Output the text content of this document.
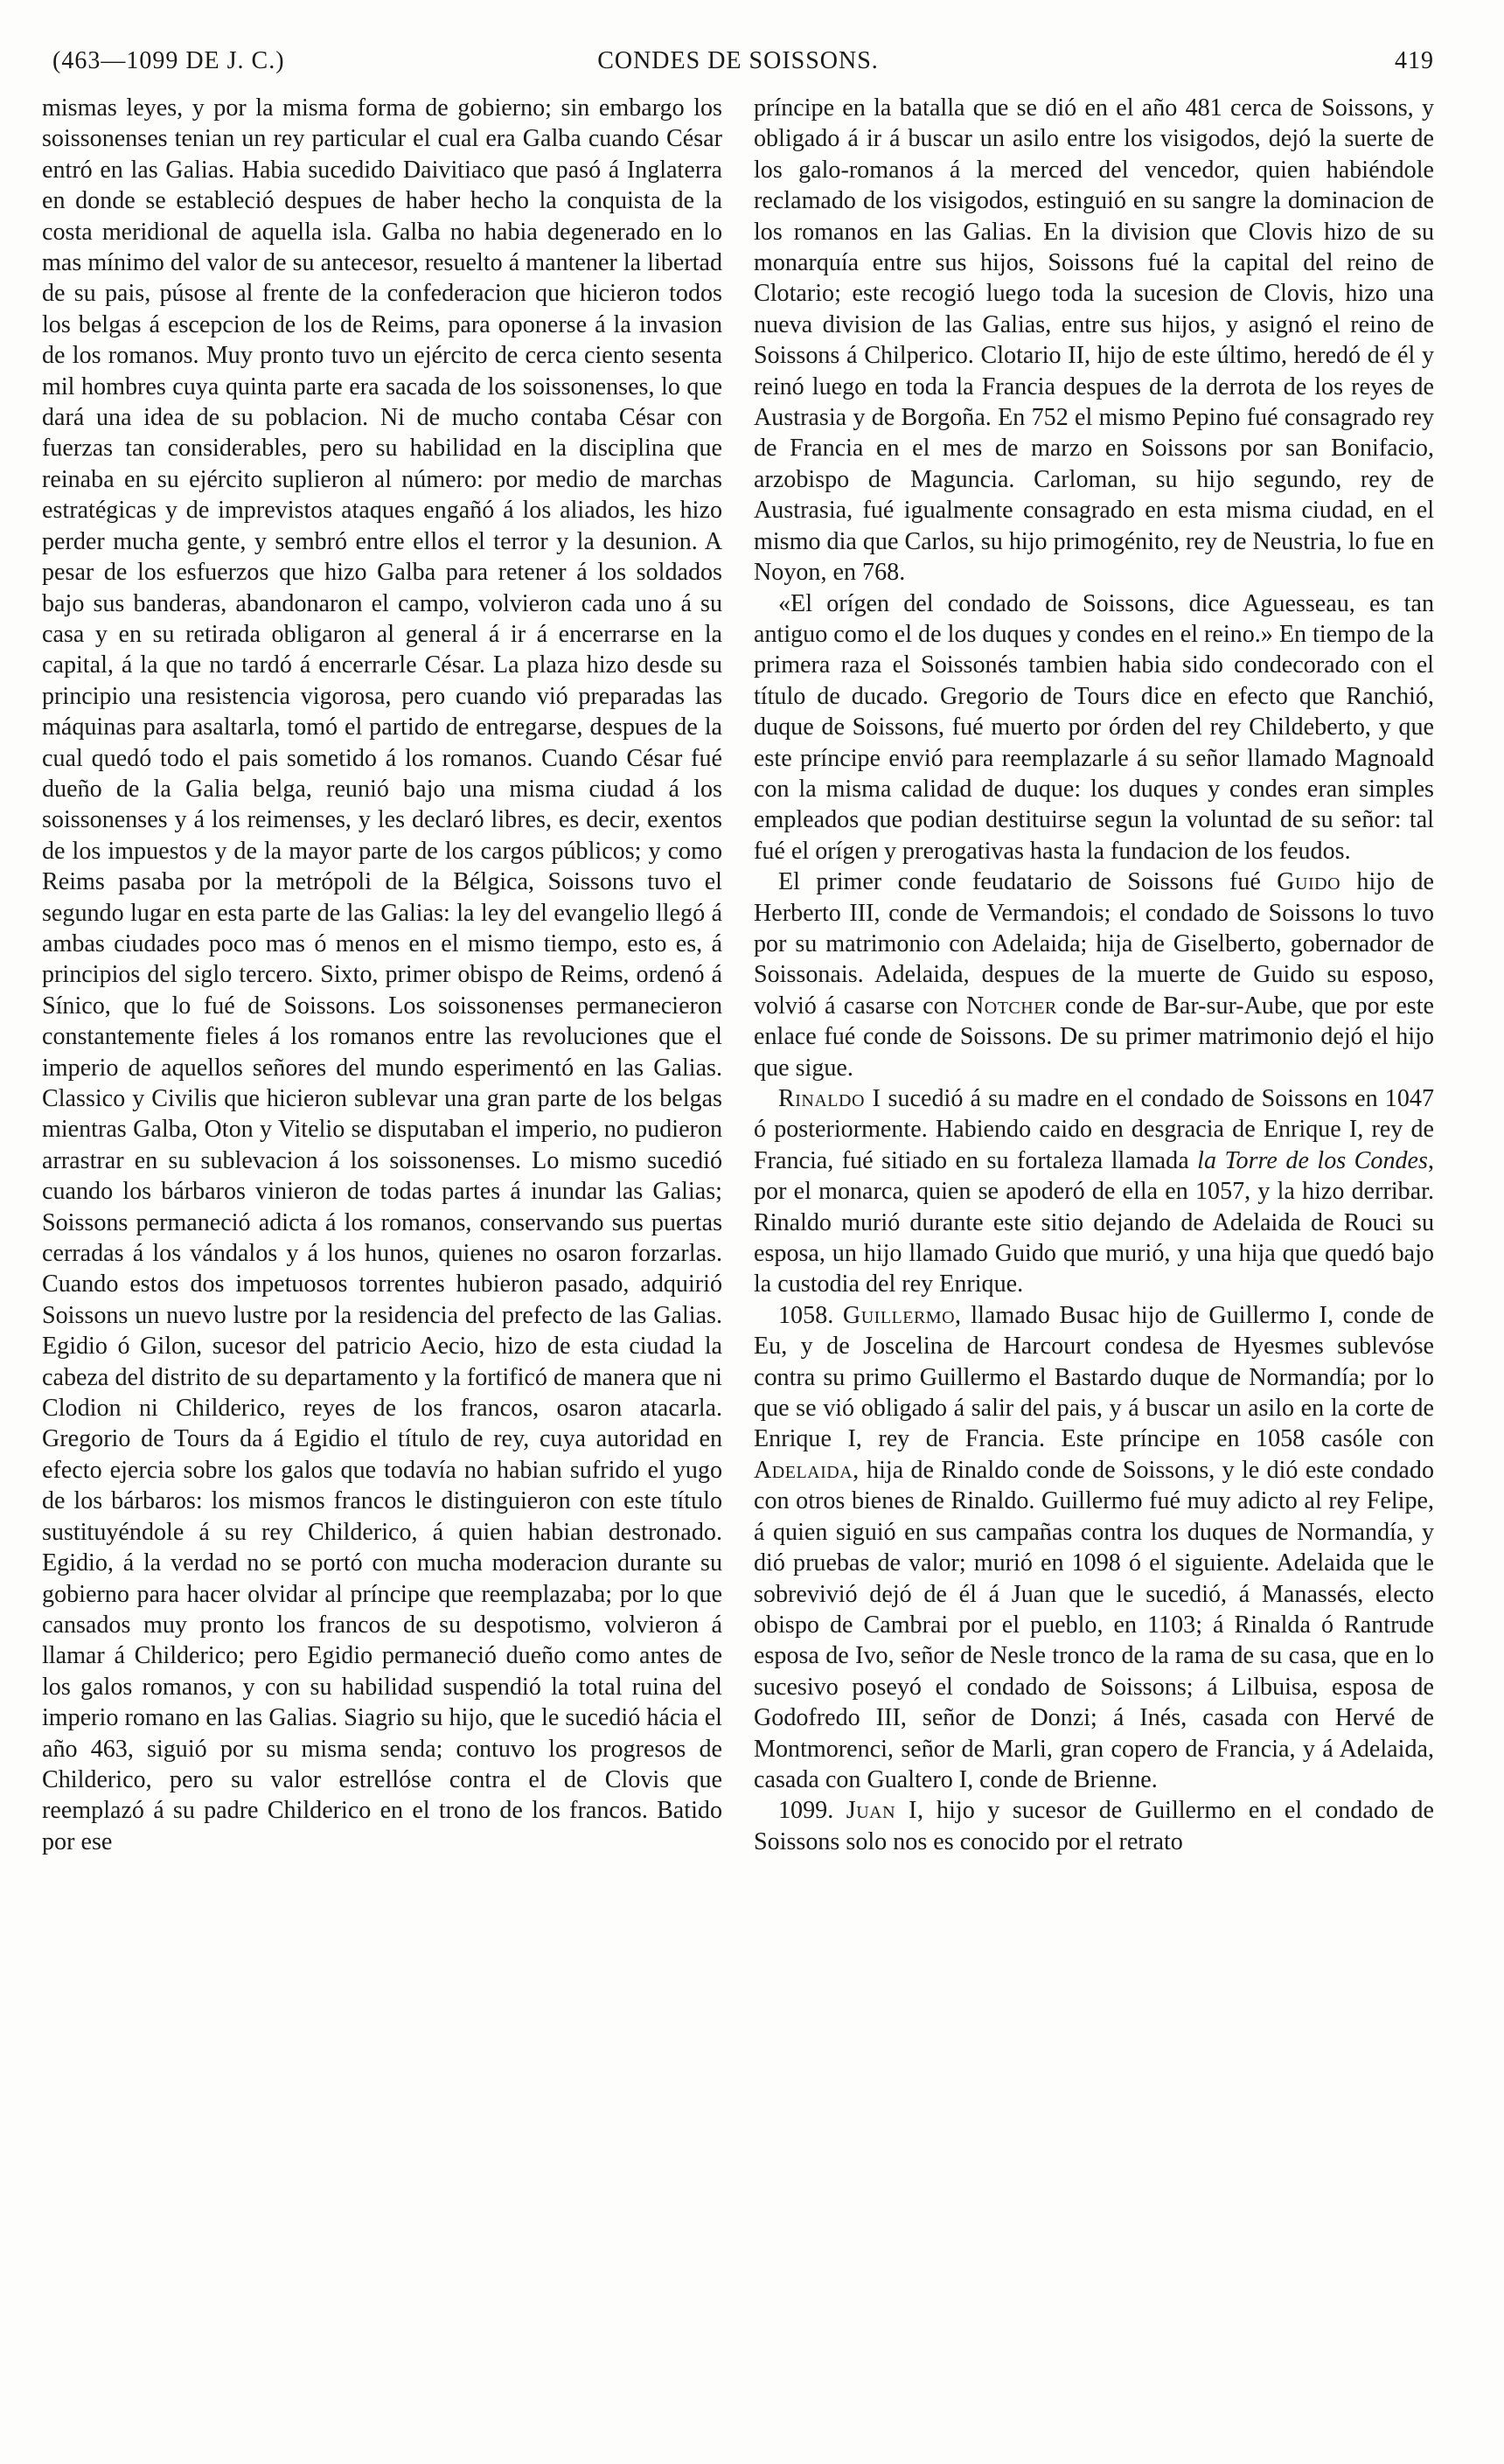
(463—1099 DE J. C.)	CONDES DE SOISSONS.	419

mismas leyes, y por la misma forma de gobierno; sin embargo los soissonenses tenian un rey particular el cual era Galba cuando César entró en las Galias. Habia sucedido Daivitiaco que pasó á Inglaterra en donde se estableció despues de haber hecho la conquista de la costa meridional de aquella isla. Galba no habia degenerado en lo mas mínimo del valor de su antecesor, resuelto á mantener la libertad de su pais, púsose al frente de la confederacion que hicieron todos los belgas á escepcion de los de Reims, para oponerse á la invasion de los romanos. Muy pronto tuvo un ejército de cerca ciento sesenta mil hombres cuya quinta parte era sacada de los soissonenses, lo que dará una idea de su poblacion. Ni de mucho contaba César con fuerzas tan considerables, pero su habilidad en la disciplina que reinaba en su ejército suplieron al número: por medio de marchas estratégicas y de imprevistos ataques engañó á los aliados, les hizo perder mucha gente, y sembró entre ellos el terror y la desunion. A pesar de los esfuerzos que hizo Galba para retener á los soldados bajo sus banderas, abandonaron el campo, volvieron cada uno á su casa y en su retirada obligaron al general á ir á encerrarse en la capital, á la que no tardó á encerrarle César. La plaza hizo desde su principio una resistencia vigorosa, pero cuando vió preparadas las máquinas para asaltarla, tomó el partido de entregarse, despues de la cual quedó todo el pais sometido á los romanos. Cuando César fué dueño de la Galia belga, reunió bajo una misma ciudad á los soissonenses y á los reimenses, y les declaró libres, es decir, exentos de los impuestos y de la mayor parte de los cargos públicos; y como Reims pasaba por la metrópoli de la Bélgica, Soissons tuvo el segundo lugar en esta parte de las Galias: la ley del evangelio llegó á ambas ciudades poco mas ó menos en el mismo tiempo, esto es, á principios del siglo tercero. Sixto, primer obispo de Reims, ordenó á Sínico, que lo fué de Soissons. Los soissonenses permanecieron constantemente fieles á los romanos entre las revoluciones que el imperio de aquellos señores del mundo esperimentó en las Galias. Classico y Civilis que hicieron sublevar una gran parte de los belgas mientras Galba, Oton y Vitelio se disputaban el imperio, no pudieron arrastrar en su sublevacion á los soissonenses. Lo mismo sucedió cuando los bárbaros vinieron de todas partes á inundar las Galias; Soissons permaneció adicta á los romanos, conservando sus puertas cerradas á los vándalos y á los hunos, quienes no osaron forzarlas. Cuando estos dos impetuosos torrentes hubieron pasado, adquirió Soissons un nuevo lustre por la residencia del prefecto de las Galias. Egidio ó Gilon, sucesor del patricio Aecio, hizo de esta ciudad la cabeza del distrito de su departamento y la fortificó de manera que ni Clodion ni Childerico, reyes de los francos, osaron atacarla. Gregorio de Tours da á Egidio el título de rey, cuya autoridad en efecto ejercia sobre los galos que todavía no habian sufrido el yugo de los bárbaros: los mismos francos le distinguieron con este título sustituyéndole á su rey Childerico, á quien habian destronado. Egidio, á la verdad no se portó con mucha moderacion durante su gobierno para hacer olvidar al príncipe que reemplazaba; por lo que cansados muy pronto los francos de su despotismo, volvieron á llamar á Childerico; pero Egidio permaneció dueño como antes de los galos romanos, y con su habilidad suspendió la total ruina del imperio romano en las Galias. Siagrio su hijo, que le sucedió hácia el año 463, siguió por su misma senda; contuvo los progresos de Childerico, pero su valor estrellóse contra el de Clovis que reemplazó á su padre Childerico en el trono de los francos. Batido por ese

príncipe en la batalla que se dió en el año 481 cerca de Soissons, y obligado á ir á buscar un asilo entre los visigodos, dejó la suerte de los galo-romanos á la merced del vencedor, quien habiéndole reclamado de los visigodos, estinguió en su sangre la dominacion de los romanos en las Galias. En la division que Clovis hizo de su monarquía entre sus hijos, Soissons fué la capital del reino de Clotario; este recogió luego toda la sucesion de Clovis, hizo una nueva division de las Galias, entre sus hijos, y asignó el reino de Soissons á Chilperico. Clotario II, hijo de este último, heredó de él y reinó luego en toda la Francia despues de la derrota de los reyes de Austrasia y de Borgoña. En 752 el mismo Pepino fué consagrado rey de Francia en el mes de marzo en Soissons por san Bonifacio, arzobispo de Maguncia. Carloman, su hijo segundo, rey de Austrasia, fué igualmente consagrado en esta misma ciudad, en el mismo dia que Carlos, su hijo primogénito, rey de Neustria, lo fue en Noyon, en 768.

«El orígen del condado de Soissons, dice Aguesseau, es tan antiguo como el de los duques y condes en el reino.» En tiempo de la primera raza el Soissonés tambien habia sido condecorado con el título de ducado. Gregorio de Tours dice en efecto que Ranchió, duque de Soissons, fué muerto por órden del rey Childeberto, y que este príncipe envió para reemplazarle á su señor llamado Magnoald con la misma calidad de duque: los duques y condes eran simples empleados que podian destituirse segun la voluntad de su señor: tal fué el orígen y prerogativas hasta la fundacion de los feudos.

El primer conde feudatario de Soissons fué Guido hijo de Herberto III, conde de Vermandois; el condado de Soissons lo tuvo por su matrimonio con Adelaida; hija de Giselberto, gobernador de Soissonais. Adelaida, despues de la muerte de Guido su esposo, volvió á casarse con Notcher conde de Bar-sur-Aube, que por este enlace fué conde de Soissons. De su primer matrimonio dejó el hijo que sigue.

Rinaldo I sucedió á su madre en el condado de Soissons en 1047 ó posteriormente. Habiendo caido en desgracia de Enrique I, rey de Francia, fué sitiado en su fortaleza llamada la Torre de los Condes, por el monarca, quien se apoderó de ella en 1057, y la hizo derribar. Rinaldo murió durante este sitio dejando de Adelaida de Rouci su esposa, un hijo llamado Guido que murió, y una hija que quedó bajo la custodia del rey Enrique.

1058. Guillermo, llamado Busac hijo de Guillermo I, conde de Eu, y de Joscelina de Harcourt condesa de Hyesmes sublevóse contra su primo Guillermo el Bastardo duque de Normandía; por lo que se vió obligado á salir del pais, y á buscar un asilo en la corte de Enrique I, rey de Francia. Este príncipe en 1058 casóle con Adelaida, hija de Rinaldo conde de Soissons, y le dió este condado con otros bienes de Rinaldo. Guillermo fué muy adicto al rey Felipe, á quien siguió en sus campañas contra los duques de Normandía, y dió pruebas de valor; murió en 1098 ó el siguiente. Adelaida que le sobrevivió dejó de él á Juan que le sucedió, á Manassés, electo obispo de Cambrai por el pueblo, en 1103; á Rinalda ó Rantrude esposa de Ivo, señor de Nesle tronco de la rama de su casa, que en lo sucesivo poseyó el condado de Soissons; á Lilbuisa, esposa de Godofredo III, señor de Donzi; á Inés, casada con Hervé de Montmorenci, señor de Marli, gran copero de Francia, y á Adelaida, casada con Gualtero I, conde de Brienne.

1099. Juan I, hijo y sucesor de Guillermo en el condado de Soissons solo nos es conocido por el retrato
